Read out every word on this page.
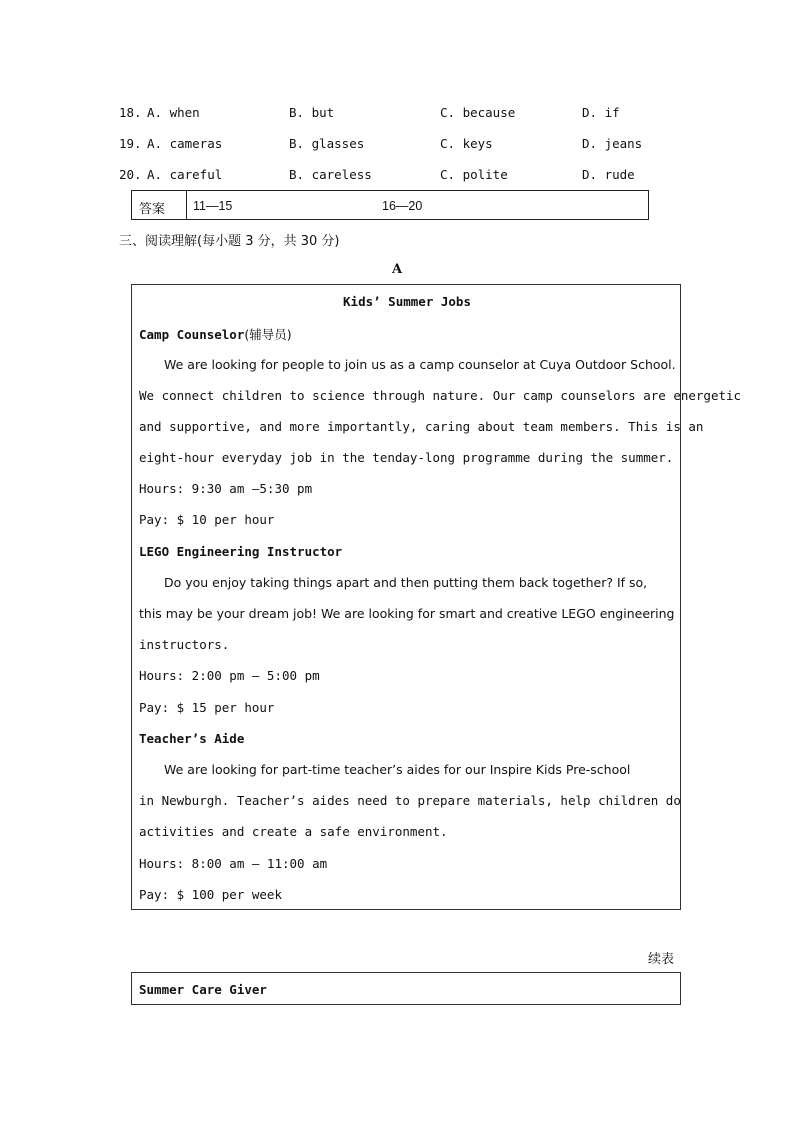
18. A. when	B. but	C. because	D. if
19. A. cameras	B. glasses	C. keys	D. jeans
20. A. careful	B. careless	C. polite	D. rude
答案 11—15	16—20
三、阅读理解(每小题 3 分，共 30 分)
A
Kids’ Summer Jobs
Camp Counselor(辅导员)
We are looking for people to join us as a camp counselor at Cuya Outdoor School.
We connect children to science through nature. Our camp counselors are energetic
and supportive, and more importantly, caring about team members. This is an
eight-hour everyday job in the tenday-long programme during the summer.
Hours: 9:30 am —5:30 pm
Pay: $ 10 per hour
LEGO Engineering Instructor
Do you enjoy taking things apart and then putting them back together? If so,
this may be your dream job! We are looking for smart and creative LEGO engineering
instructors.
Hours: 2:00 pm — 5:00 pm
Pay: $ 15 per hour
Teacher’s Aide
We are looking for part-time teacher’s aides for our Inspire Kids Pre-school
in Newburgh. Teacher’s aides need to prepare materials, help children do
activities and create a safe environment.
Hours: 8:00 am — 11:00 am
Pay: $ 100 per week
续表
Summer Care Giver
